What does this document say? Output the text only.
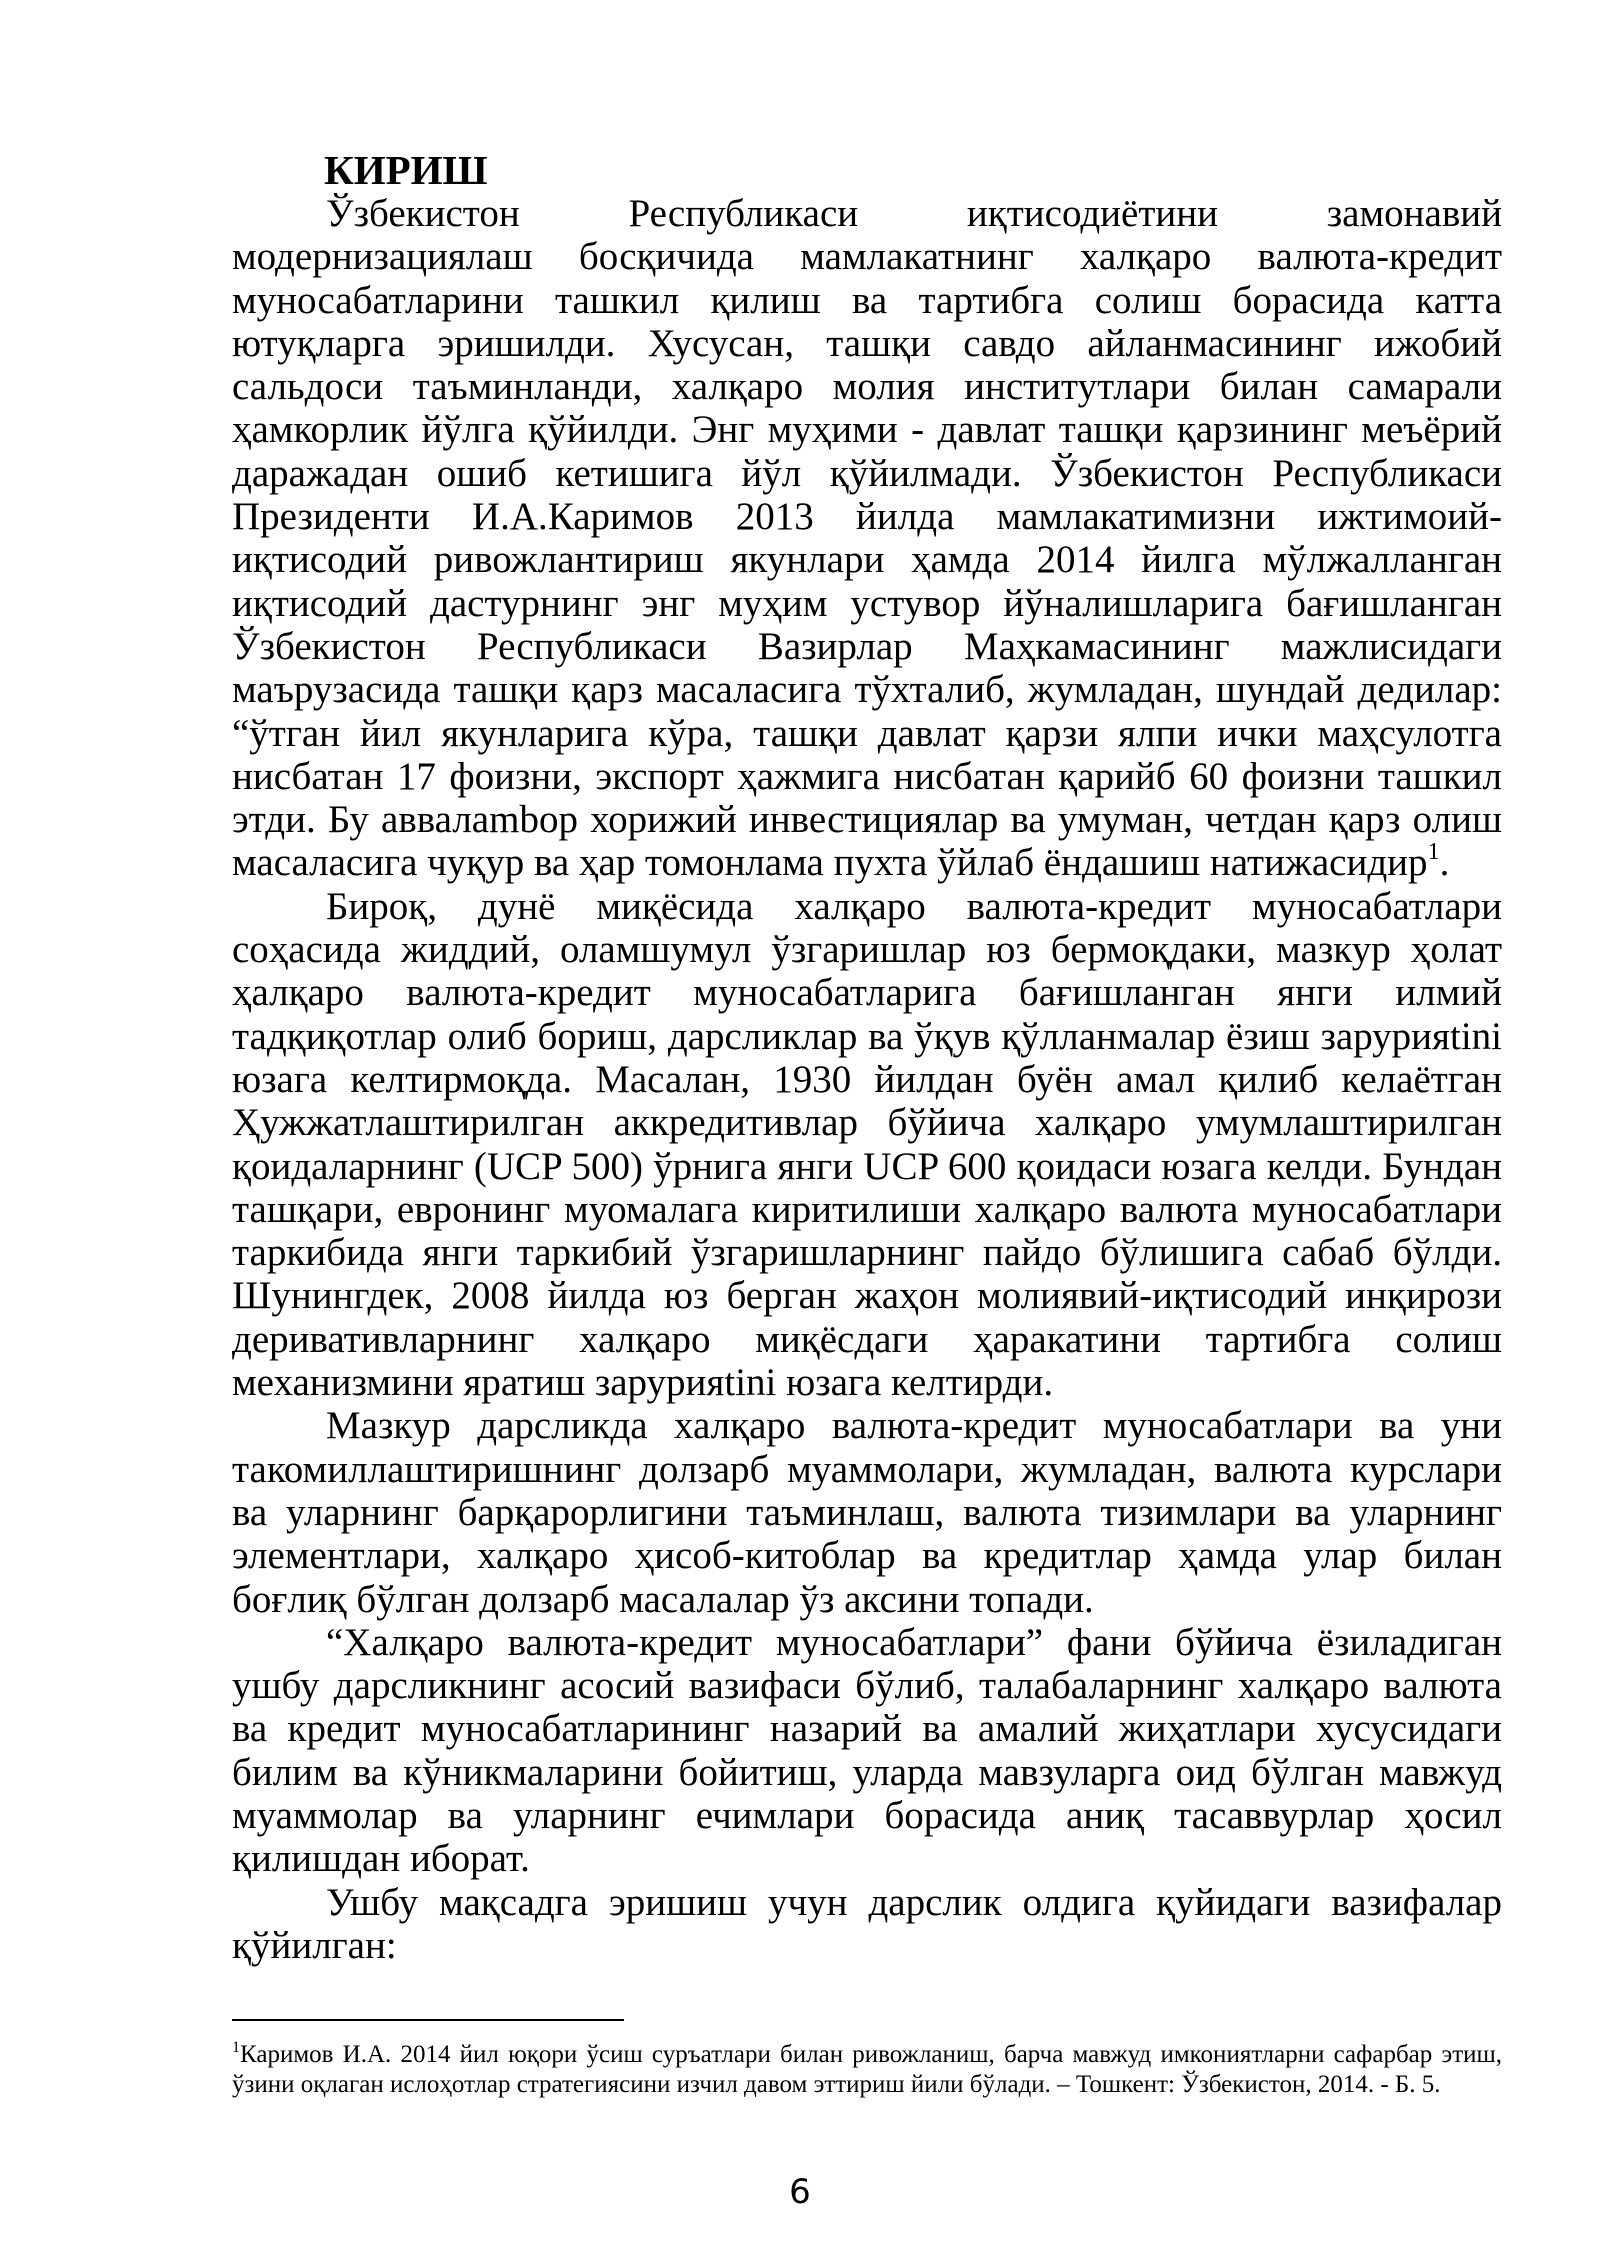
КИРИШ

Ўзбекистон Республикаси иқтисодиётини замонавий модернизациялаш босқичида мамлакатнинг халқаро валюта-кредит муносабатларини ташкил қилиш ва тартибга солиш борасида катта ютуқларга эришилди. Хусусан, ташқи савдо айланмасининг ижобий сальдоси таъминланди, халқаро молия институтлари билан самарали ҳамкорлик йўлга қўйилди. Энг муҳими - давлат ташқи қарзининг меъёрий даражадан ошиб кетишига йўл қўйилмади. Ўзбекистон Республикаси Президенти И.А.Каримов 2013 йилда мамлакатимизни ижтимоий-иқтисодий ривожлантириш якунлари ҳамда 2014 йилга мўлжалланган иқтисодий дастурнинг энг муҳим устувор йўналишларига бағишланган Ўзбекистон Республикаси Вазирлар Маҳкамасининг мажлисидаги маърузасида ташқи қарз масаласига тўхталиб, жумладан, шундай дедилар: “ўтган йил якунларига кўра, ташқи давлат қарзи ялпи ички маҳсулотга нисбатан 17 фоизни, экспорт ҳажмига нисбатан қарийб 60 фоизни ташкил этди. Бу аввалambор хорижий инвестициялар ва умуман, четдан қарз олиш масаласига чуқур ва ҳар томонлама пухта ўйлаб ёндашиш натижасидир$^1$.

Бироқ, дунё миқёсида халқаро валюта-кредит муносабатлари соҳасида жиддий, оламшумул ўзгаришлар юз бермоқдаки, мазкур ҳолат ҳалқаро валюта-кредит муносабатларига бағишланган янги илмий тадқиқотлар олиб бориш, дарсликлар ва ўқув қўлланмалар ёзиш зарурияtini юзага келтирмоқда. Масалан, 1930 йилдан буён амал қилиб келаётган Ҳужжатлаштирилган аккредитивлар бўйича халқаро умумлаштирилган қоидаларнинг (UCP 500) ўрнига янги UCP 600 қоидаси юзага келди. Бундан ташқари, евронинг муомалага киритилиши халқаро валюта муносабатлари таркибида янги таркибий ўзгаришларнинг пайдо бўлишига сабаб бўлди. Шунингдек, 2008 йилда юз берган жаҳон молиявий-иқтисодий инқирози деривативларнинг халқаро миқёсдаги ҳаракатини тартибга солиш механизмини яратиш зарурияtini юзага келтирди.

Мазкур дарсликда халқаро валюта-кредит муносабатлари ва уни такомиллаштиришнинг долзарб муаммолари, жумладан, валюта курслари ва уларнинг барқарорлигини таъминлаш, валюта тизимлари ва уларнинг элементлари, халқаро ҳисоб-китоблар ва кредитлар ҳамда улар билан боғлиқ бўлган долзарб масалалар ўз аксини топади.

“Халқаро валюта-кредит муносабатлари” фани бўйича ёзиладиган ушбу дарсликнинг асосий вазифаси бўлиб, талабаларнинг халқаро валюта ва кредит муносабатларининг назарий ва амалий жиҳатлари хусусидаги билим ва кўникмаларини бойитиш, уларда мавзуларга оид бўлган мавжуд муаммолар ва уларнинг ечимлари борасида аниқ тасаввурлар ҳосил қилишдан иборат.

Ушбу мақсадга эришиш учун дарслик олдига қуйидаги вазифалар қўйилган:

$^1$Каримов И.А. 2014 йил юқори ўсиш суръатлари билан ривожланиш, барча мавжуд имкониятларни сафарбар этиш, ўзини оқлаган ислоҳотлар стратегиясини изчил давом эттириш йили бўлади. – Тошкент: Ўзбекистон, 2014. - Б. 5.

6
